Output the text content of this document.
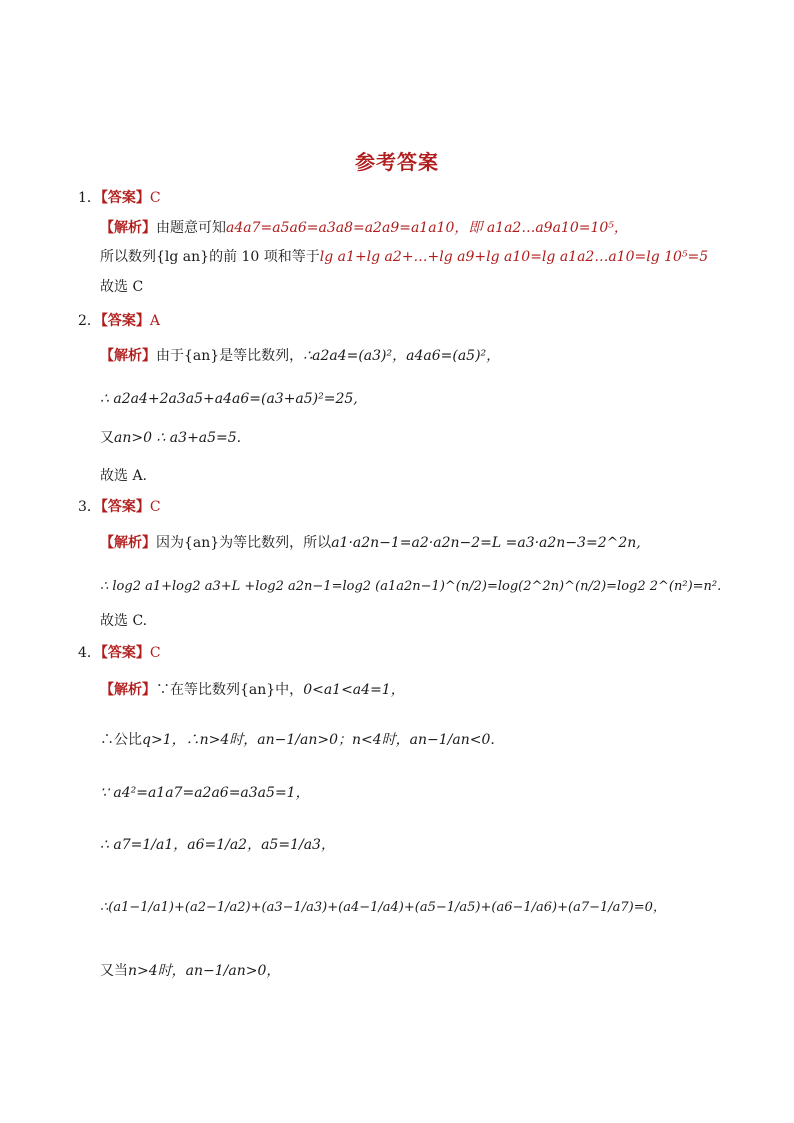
参考答案
1．【答案】C
【解析】由题意可知a4a7=a5a6=a3a8=a2a9=a1a10，即 a1a2…a9a10=10⁵，
所以数列{lg an}的前 10 项和等于lg a1+lg a2+…+lg a9+lg a10=lg a1a2…a10=lg 10⁵=5
故选 C
2．【答案】A
【解析】由于{an}是等比数列，∴a2a4=(a3)²，a4a6=(a5)²，
∴ a2a4+2a3a5+a4a6=(a3+a5)²=25,
又an>0 ∴ a3+a5=5.
故选 A.
3．【答案】C
【解析】因为{an}为等比数列，所以a1·a2n−1=a2·a2n−2=L =a3·a2n−3=2^2n,
∴ log2 a1+log2 a3+L +log2 a2n−1=log2 (a1a2n−1)^(n/2)=log(2^2n)^(n/2)=log2 2^(n²)=n².
故选 C.
4．【答案】C
【解析】∵在等比数列{an}中，0<a1<a4=1，
∴公比q>1，∴n>4时，an−1/an>0；n<4时，an−1/an<0.
∵ a4²=a1a7=a2a6=a3a5=1，
∴ a7=1/a1，a6=1/a2，a5=1/a3，
∴(a1−1/a1)+(a2−1/a2)+(a3−1/a3)+(a4−1/a4)+(a5−1/a5)+(a6−1/a6)+(a7−1/a7)=0，
又当n>4时，an−1/an>0，
